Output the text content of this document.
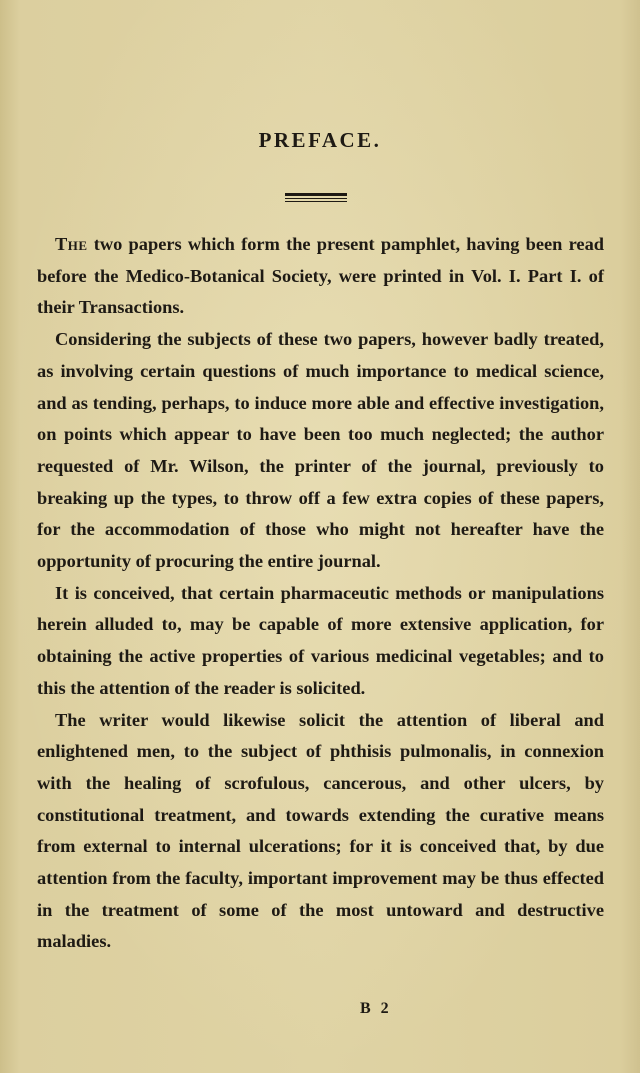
PREFACE.

The two papers which form the present pamphlet, having been read before the Medico-Botanical Society, were printed in Vol. I. Part I. of their Transactions.

Considering the subjects of these two papers, however badly treated, as involving certain questions of much importance to medical science, and as tending, perhaps, to induce more able and effective investigation, on points which appear to have been too much neglected; the author requested of Mr. Wilson, the printer of the journal, previously to breaking up the types, to throw off a few extra copies of these papers, for the accommodation of those who might not hereafter have the opportunity of procuring the entire journal.

It is conceived, that certain pharmaceutic methods or manipulations herein alluded to, may be capable of more extensive application, for obtaining the active properties of various medicinal vegetables; and to this the attention of the reader is solicited.

The writer would likewise solicit the attention of liberal and enlightened men, to the subject of phthisis pulmonalis, in connexion with the healing of scrofulous, cancerous, and other ulcers, by constitutional treatment, and towards extending the curative means from external to internal ulcerations; for it is conceived that, by due attention from the faculty, important improvement may be thus effected in the treatment of some of the most untoward and destructive maladies.

B 2
